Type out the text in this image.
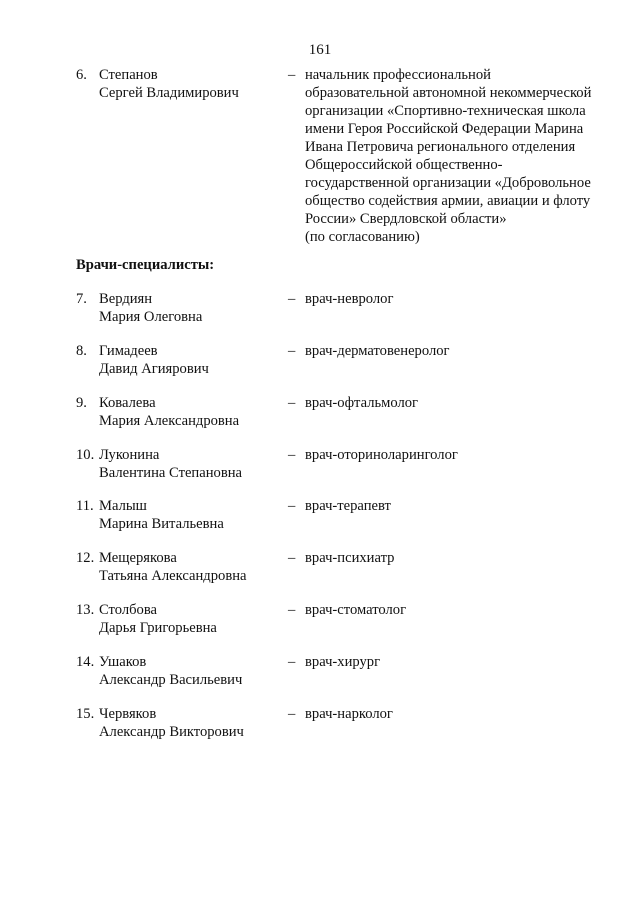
161
6. Степанов
Сергей Владимирович
– начальник профессиональной
образовательной автономной некоммерческой
организации «Спортивно-техническая школа
имени Героя Российской Федерации Марина
Ивана Петровича регионального отделения
Общероссийской общественно-
государственной организации «Добровольное
общество содействия армии, авиации и флоту
России» Свердловской области»
(по согласованию)
Врачи-специалисты:
7. Вердиян
Мария Олеговна
– врач-невролог
8. Гимадеев
Давид Агиярович
– врач-дерматовенеролог
9. Ковалева
Мария Александровна
– врач-офтальмолог
10. Луконина
Валентина Степановна
– врач-оториноларинголог
11. Малыш
Марина Витальевна
– врач-терапевт
12. Мещерякова
Татьяна Александровна
– врач-психиатр
13. Столбова
Дарья Григорьевна
– врач-стоматолог
14. Ушаков
Александр Васильевич
– врач-хирург
15. Червяков
Александр Викторович
– врач-нарколог
